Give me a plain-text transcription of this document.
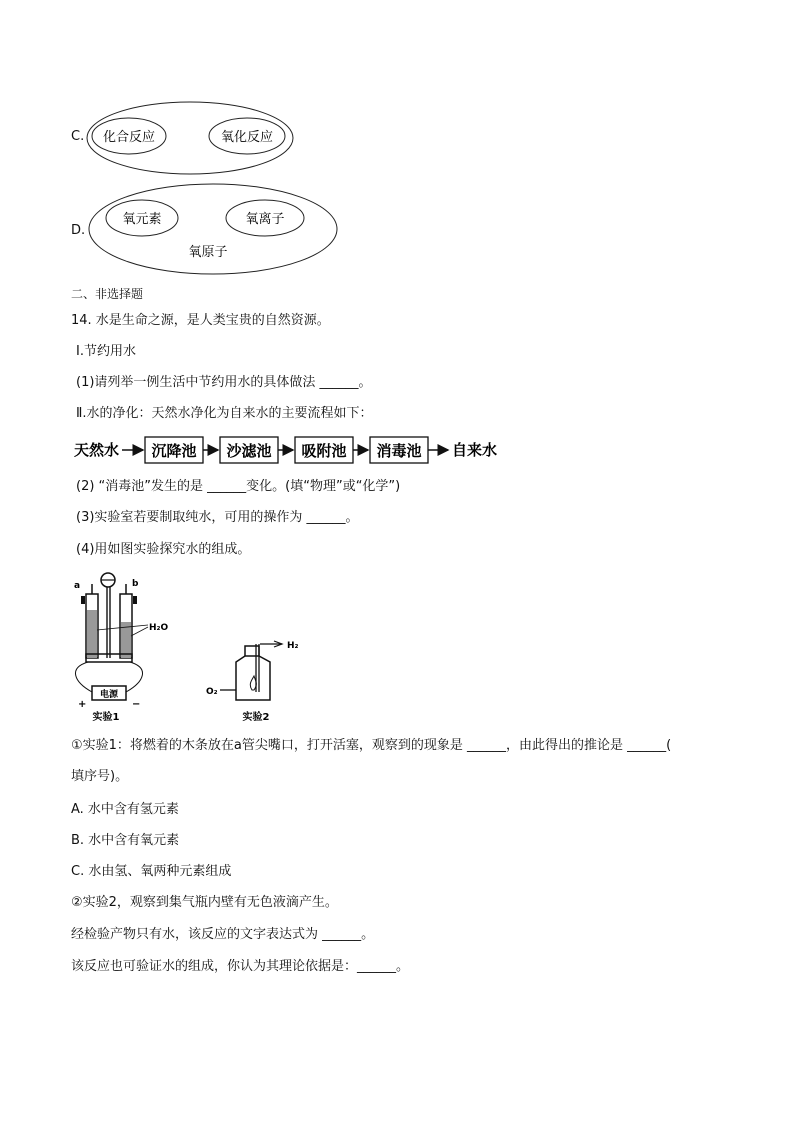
C. 化合反应	氧化反应
D.
氧元素	氧离子
氧原子
二、非选择题
14. 水是生命之源，是人类宝贵的自然资源。
Ⅰ.节约用水
(1)请列举一例生活中节约用水的具体做法 ______。
Ⅱ.水的净化：天然水净化为自来水的主要流程如下：
天然水 沉降池 沙滤池 吸附池 消毒池 自来水
(2) “消毒池”发生的是 ______变化。(填“物理”或“化学”)
(3)实验室若要制取纯水，可用的操作为 ______。
(4)用如图实验探究水的组成。
a	b
H₂O
电源
+	−
实验1
H₂
O₂
实验2
①实验1：将燃着的木条放在a管尖嘴口，打开活塞，观察到的现象是 ______，由此得出的推论是 ______(
填序号)。
A. 水中含有氢元素
B. 水中含有氧元素
C. 水由氢、氧两种元素组成
②实验2，观察到集气瓶内壁有无色液滴产生。
经检验产物只有水，该反应的文字表达式为 ______。
该反应也可验证水的组成，你认为其理论依据是：______。
